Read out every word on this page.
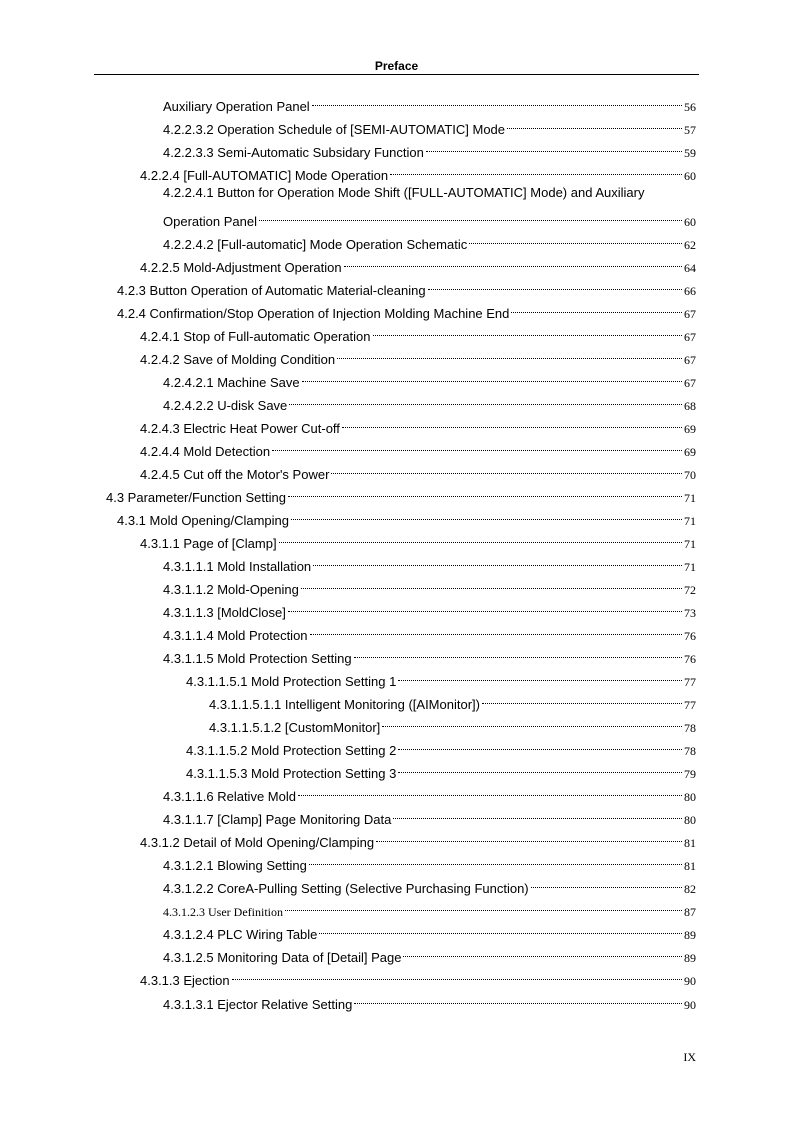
Preface
Auxiliary Operation Panel	56
4.2.2.3.2 Operation Schedule of [SEMI-AUTOMATIC] Mode	57
4.2.2.3.3 Semi-Automatic Subsidary Function	59
4.2.2.4 [Full-AUTOMATIC] Mode Operation	60
4.2.2.4.1 Button for Operation Mode Shift ([FULL-AUTOMATIC] Mode) and Auxiliary
Operation Panel	60
4.2.2.4.2 [Full-automatic] Mode Operation Schematic	62
4.2.2.5 Mold-Adjustment Operation	64
4.2.3 Button Operation of Automatic Material-cleaning	66
4.2.4 Confirmation/Stop Operation of Injection Molding Machine End	67
4.2.4.1 Stop of Full-automatic Operation	67
4.2.4.2 Save of Molding Condition	67
4.2.4.2.1 Machine Save	67
4.2.4.2.2 U-disk Save	68
4.2.4.3 Electric Heat Power Cut-off	69
4.2.4.4 Mold Detection	69
4.2.4.5 Cut off the Motor's Power	70
4.3 Parameter/Function Setting	71
4.3.1 Mold Opening/Clamping	71
4.3.1.1 Page of [Clamp]	71
4.3.1.1.1 Mold Installation	71
4.3.1.1.2 Mold-Opening	72
4.3.1.1.3 [MoldClose]	73
4.3.1.1.4 Mold Protection	76
4.3.1.1.5 Mold Protection Setting	76
4.3.1.1.5.1 Mold Protection Setting 1	77
4.3.1.1.5.1.1 Intelligent Monitoring ([AIMonitor])	77
4.3.1.1.5.1.2 [CustomMonitor]	78
4.3.1.1.5.2 Mold Protection Setting 2	78
4.3.1.1.5.3 Mold Protection Setting 3	79
4.3.1.1.6 Relative Mold	80
4.3.1.1.7 [Clamp] Page Monitoring Data	80
4.3.1.2 Detail of Mold Opening/Clamping	81
4.3.1.2.1 Blowing Setting	81
4.3.1.2.2 CoreA-Pulling Setting (Selective Purchasing Function)	82
4.3.1.2.3 User Definition	87
4.3.1.2.4 PLC Wiring Table	89
4.3.1.2.5 Monitoring Data of [Detail] Page	89
4.3.1.3 Ejection	90
4.3.1.3.1 Ejector Relative Setting	90
IX
